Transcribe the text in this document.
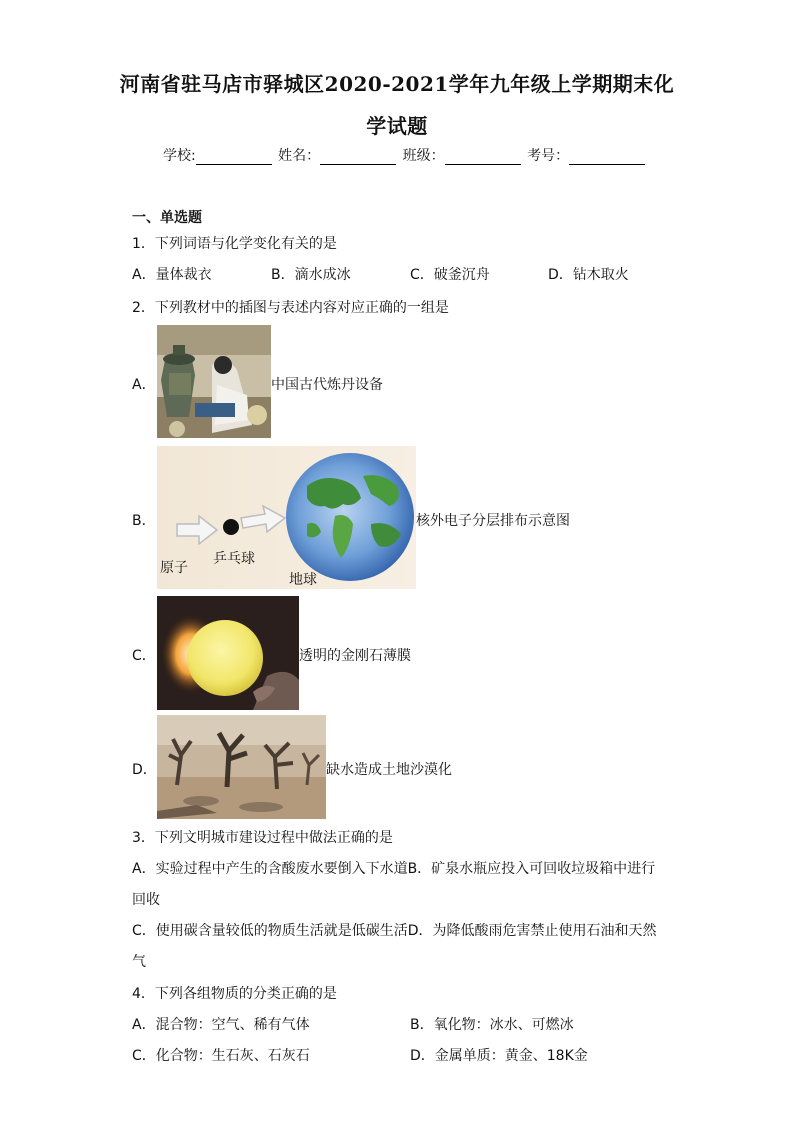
河南省驻马店市驿城区2020-2021学年九年级上学期期末化
学试题
学校:	姓名：	班级：	考号：
一、单选题
1．下列词语与化学变化有关的是
A．量体裁衣	B．滴水成冰	C．破釜沉舟	D．钻木取火
2．下列教材中的插图与表述内容对应正确的一组是
A．	中国古代炼丹设备
B．
原子
乒乓球
地球
核外电子分层排布示意图
C．	透明的金刚石薄膜
D．	缺水造成土地沙漠化
3．下列文明城市建设过程中做法正确的是
A．实验过程中产生的含酸废水要倒入下水道B．矿泉水瓶应投入可回收垃圾箱中进行
回收
C．使用碳含量较低的物质生活就是低碳生活D．为降低酸雨危害禁止使用石油和天然
气
4．下列各组物质的分类正确的是
A．混合物：空气、稀有气体	B．氧化物：冰水、可燃冰
C．化合物：生石灰、石灰石	D．金属单质：黄金、18K金
